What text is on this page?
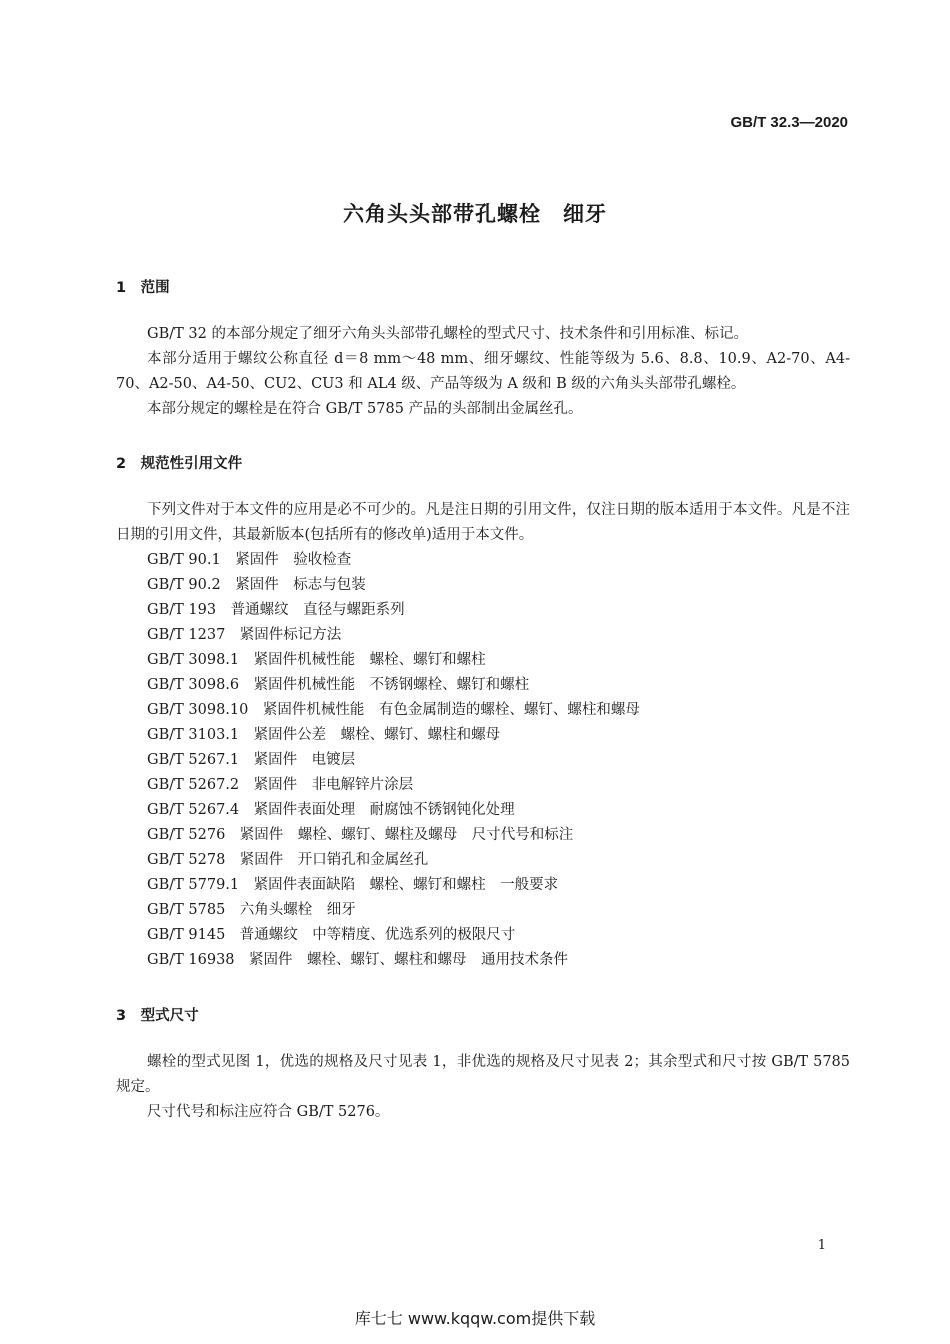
GB/T 32.3—2020
六角头头部带孔螺栓　细牙
1　范围

GB/T 32 的本部分规定了细牙六角头头部带孔螺栓的型式尺寸、技术条件和引用标准、标记。

本部分适用于螺纹公称直径 d＝8 mm～48 mm、细牙螺纹、性能等级为 5.6、8.8、10.9、A2-70、A4-70、A2-50、A4-50、CU2、CU3 和 AL4 级、产品等级为 A 级和 B 级的六角头头部带孔螺栓。

本部分规定的螺栓是在符合 GB/T 5785 产品的头部制出金属丝孔。

2　规范性引用文件

下列文件对于本文件的应用是必不可少的。凡是注日期的引用文件，仅注日期的版本适用于本文件。凡是不注日期的引用文件，其最新版本(包括所有的修改单)适用于本文件。

GB/T 90.1　紧固件　验收检查
GB/T 90.2　紧固件　标志与包装
GB/T 193　普通螺纹　直径与螺距系列
GB/T 1237　紧固件标记方法
GB/T 3098.1　紧固件机械性能　螺栓、螺钉和螺柱
GB/T 3098.6　紧固件机械性能　不锈钢螺栓、螺钉和螺柱
GB/T 3098.10　紧固件机械性能　有色金属制造的螺栓、螺钉、螺柱和螺母
GB/T 3103.1　紧固件公差　螺栓、螺钉、螺柱和螺母
GB/T 5267.1　紧固件　电镀层
GB/T 5267.2　紧固件　非电解锌片涂层
GB/T 5267.4　紧固件表面处理　耐腐蚀不锈钢钝化处理
GB/T 5276　紧固件　螺栓、螺钉、螺柱及螺母　尺寸代号和标注
GB/T 5278　紧固件　开口销孔和金属丝孔
GB/T 5779.1　紧固件表面缺陷　螺栓、螺钉和螺柱　一般要求
GB/T 5785　六角头螺栓　细牙
GB/T 9145　普通螺纹　中等精度、优选系列的极限尺寸
GB/T 16938　紧固件　螺栓、螺钉、螺柱和螺母　通用技术条件
3　型式尺寸

螺栓的型式见图 1，优选的规格及尺寸见表 1，非优选的规格及尺寸见表 2；其余型式和尺寸按 GB/T 5785规定。

尺寸代号和标注应符合 GB/T 5276。

1
库七七 www.kqqw.com提供下载
